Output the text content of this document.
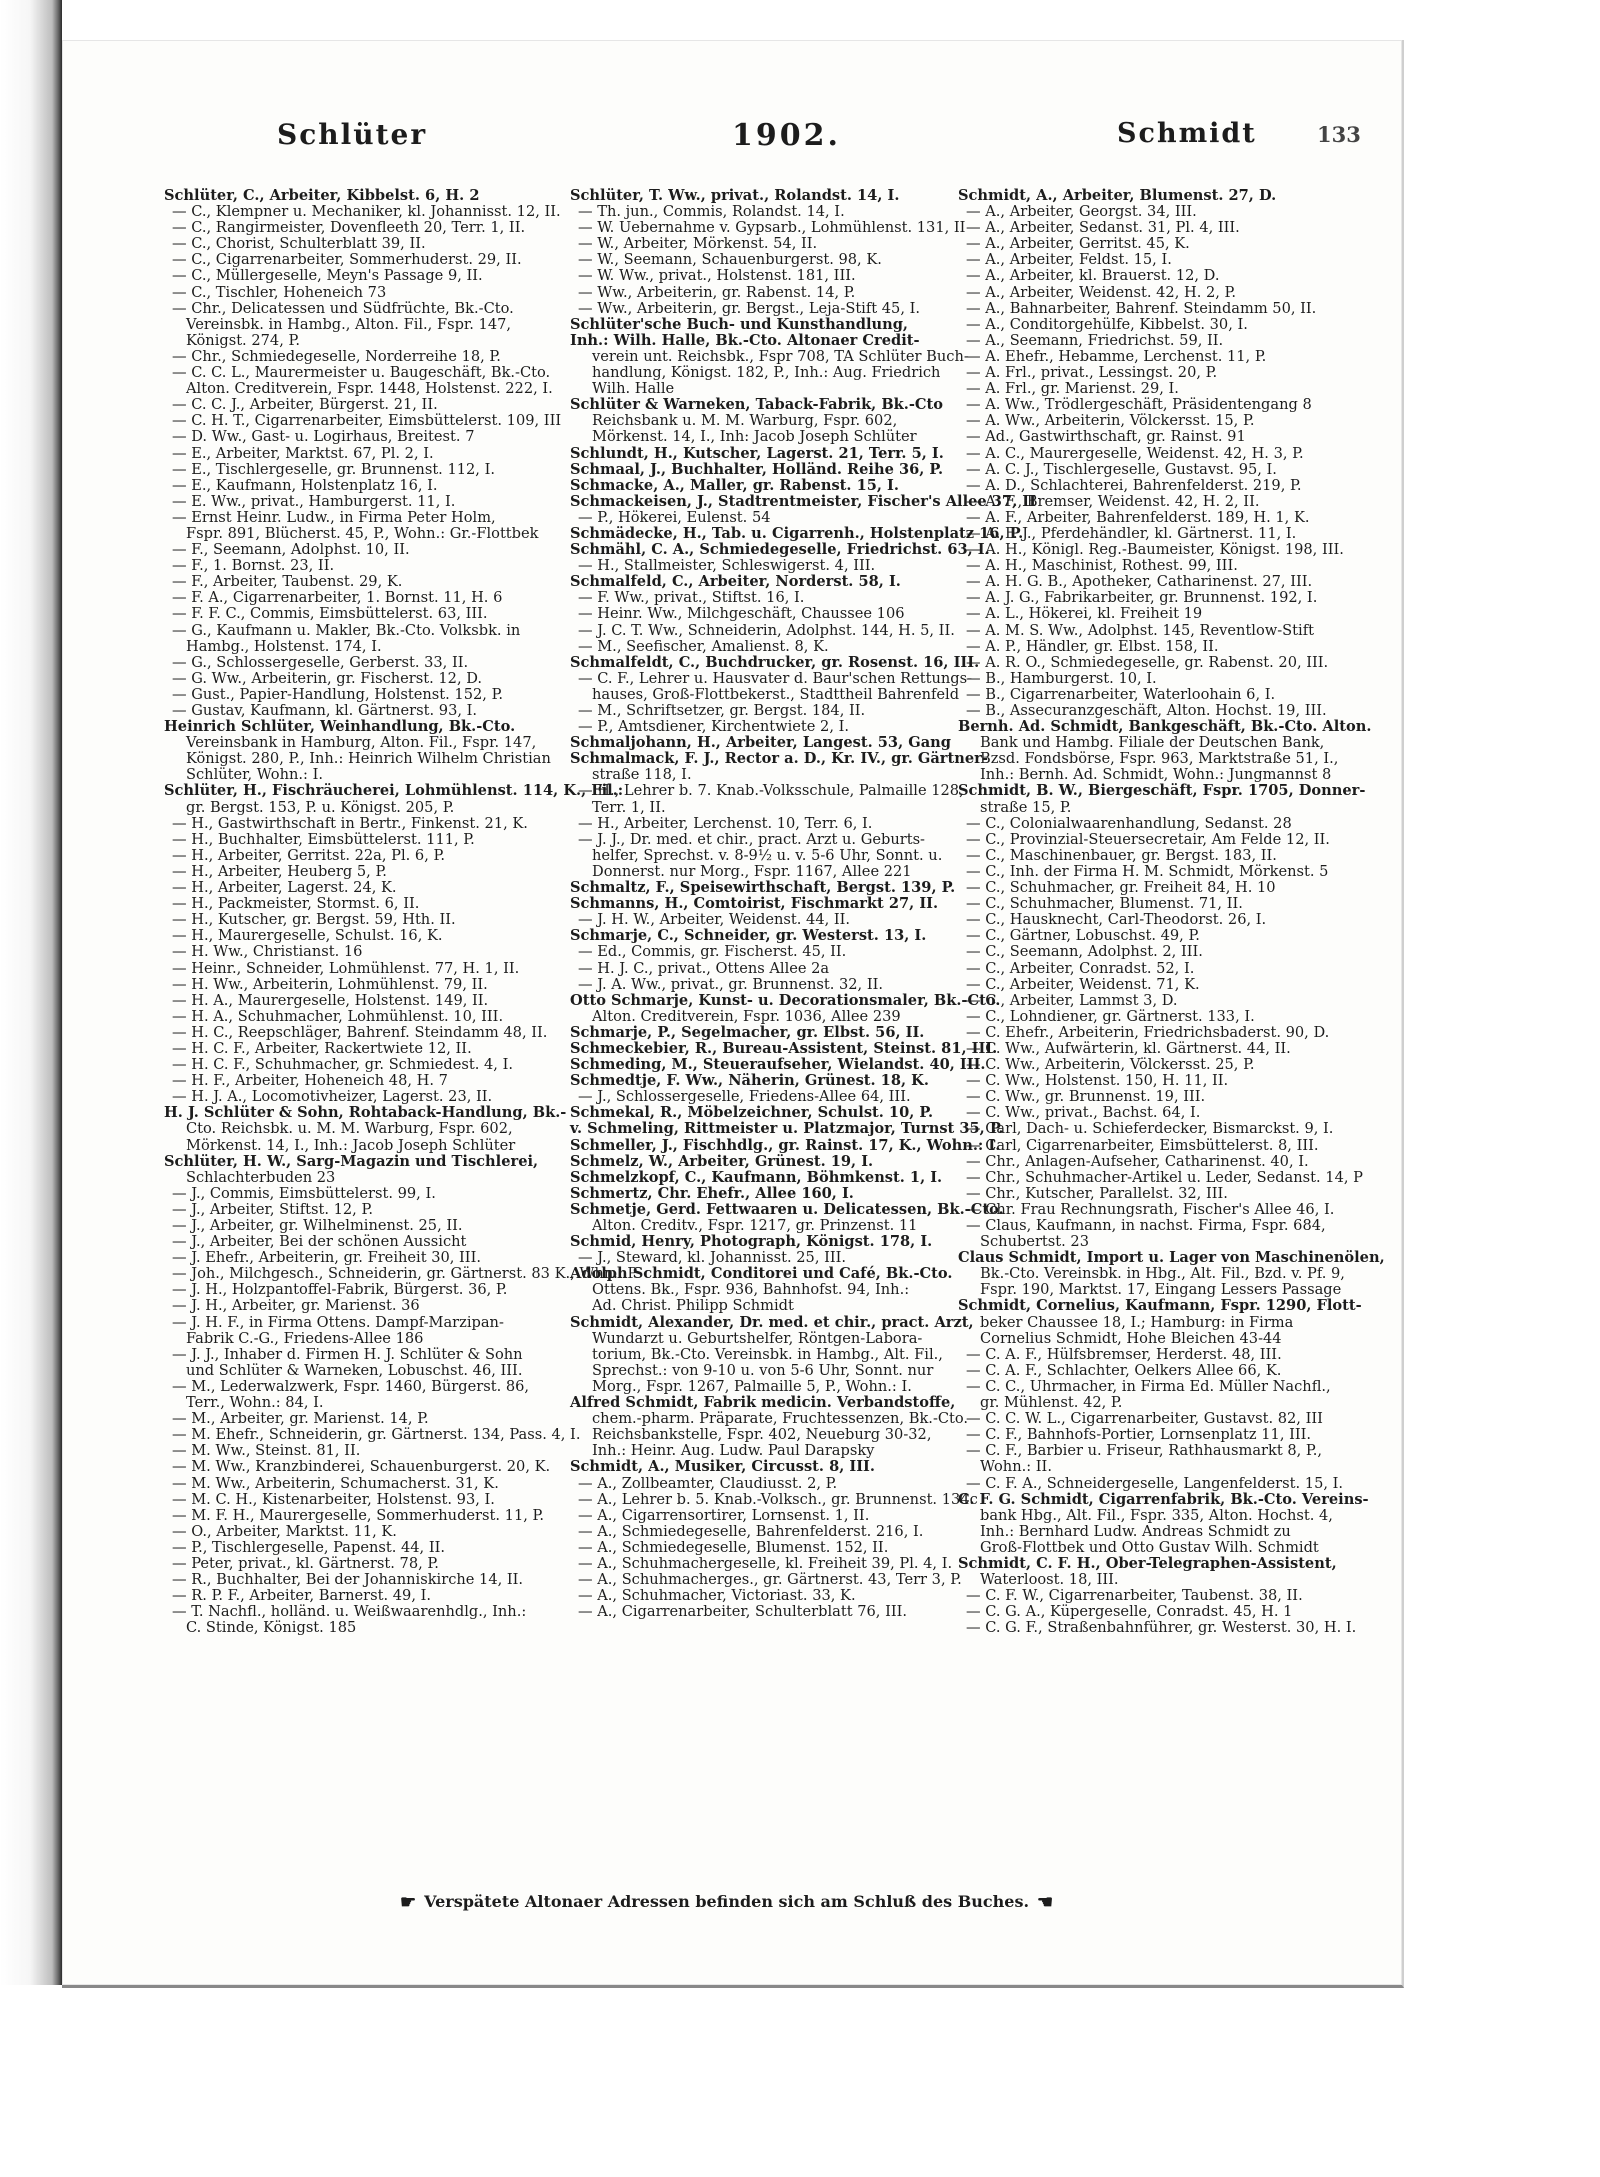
Schlüter	1902.	Schmidt	133
Schlüter, C., Arbeiter, Kibbelst. 6, H. 2
— C., Klempner u. Mechaniker, kl. Johannisst. 12, II.
— C., Rangirmeister, Dovenfleeth 20, Terr. 1, II.
— C., Chorist, Schulterblatt 39, II.
— C., Cigarrenarbeiter, Sommerhuderst. 29, II.
— C., Müllergeselle, Meyn's Passage 9, II.
— C., Tischler, Hoheneich 73
— Chr., Delicatessen und Südfrüchte, Bk.-Cto.
Vereinsbk. in Hambg., Alton. Fil., Fspr. 147,
Königst. 274, P.
— Chr., Schmiedegeselle, Norderreihe 18, P.
— C. C. L., Maurermeister u. Baugeschäft, Bk.-Cto.
Alton. Creditverein, Fspr. 1448, Holstenst. 222, I.
— C. C. J., Arbeiter, Bürgerst. 21, II.
— C. H. T., Cigarrenarbeiter, Eimsbüttelerst. 109, III
— D. Ww., Gast- u. Logirhaus, Breitest. 7
— E., Arbeiter, Marktst. 67, Pl. 2, I.
— E., Tischlergeselle, gr. Brunnenst. 112, I.
— E., Kaufmann, Holstenplatz 16, I.
— E. Ww., privat., Hamburgerst. 11, I.
— Ernst Heinr. Ludw., in Firma Peter Holm,
Fspr. 891, Blücherst. 45, P., Wohn.: Gr.-Flottbek
— F., Seemann, Adolphst. 10, II.
— F., 1. Bornst. 23, II.
— F., Arbeiter, Taubenst. 29, K.
— F. A., Cigarrenarbeiter, 1. Bornst. 11, H. 6
— F. F. C., Commis, Eimsbüttelerst. 63, III.
— G., Kaufmann u. Makler, Bk.-Cto. Volksbk. in
Hambg., Holstenst. 174, I.
— G., Schlossergeselle, Gerberst. 33, II.
— G. Ww., Arbeiterin, gr. Fischerst. 12, D.
— Gust., Papier-Handlung, Holstenst. 152, P.
— Gustav, Kaufmann, kl. Gärtnerst. 93, I.
Heinrich Schlüter, Weinhandlung, Bk.-Cto.
Vereinsbank in Hamburg, Alton. Fil., Fspr. 147,
Königst. 280, P., Inh.: Heinrich Wilhelm Christian
Schlüter, Wohn.: I.
Schlüter, H., Fischräucherei, Lohmühlenst. 114, K., Fil.:
gr. Bergst. 153, P. u. Königst. 205, P.
— H., Gastwirthschaft in Bertr., Finkenst. 21, K.
— H., Buchhalter, Eimsbüttelerst. 111, P.
— H., Arbeiter, Gerritst. 22a, Pl. 6, P.
— H., Arbeiter, Heuberg 5, P.
— H., Arbeiter, Lagerst. 24, K.
— H., Packmeister, Stormst. 6, II.
— H., Kutscher, gr. Bergst. 59, Hth. II.
— H., Maurergeselle, Schulst. 16, K.
— H. Ww., Christianst. 16
— Heinr., Schneider, Lohmühlenst. 77, H. 1, II.
— H. Ww., Arbeiterin, Lohmühlenst. 79, II.
— H. A., Maurergeselle, Holstenst. 149, II.
— H. A., Schuhmacher, Lohmühlenst. 10, III.
— H. C., Reepschläger, Bahrenf. Steindamm 48, II.
— H. C. F., Arbeiter, Rackertwiete 12, II.
— H. C. F., Schuhmacher, gr. Schmiedest. 4, I.
— H. F., Arbeiter, Hoheneich 48, H. 7
— H. J. A., Locomotivheizer, Lagerst. 23, II.
H. J. Schlüter & Sohn, Rohtaback-Handlung, Bk.-
Cto. Reichsbk. u. M. M. Warburg, Fspr. 602,
Mörkenst. 14, I., Inh.: Jacob Joseph Schlüter
Schlüter, H. W., Sarg-Magazin und Tischlerei,
Schlachterbuden 23
— J., Commis, Eimsbüttelerst. 99, I.
— J., Arbeiter, Stiftst. 12, P.
— J., Arbeiter, gr. Wilhelminenst. 25, II.
— J., Arbeiter, Bei der schönen Aussicht
— J. Ehefr., Arbeiterin, gr. Freiheit 30, III.
— Joh., Milchgesch., Schneiderin, gr. Gärtnerst. 83 K., Whn.: P
— J. H., Holzpantoffel-Fabrik, Bürgerst. 36, P.
— J. H., Arbeiter, gr. Marienst. 36
— J. H. F., in Firma Ottens. Dampf-Marzipan-
Fabrik C.-G., Friedens-Allee 186
— J. J., Inhaber d. Firmen H. J. Schlüter & Sohn
und Schlüter & Warneken, Lobuschst. 46, III.
— M., Lederwalzwerk, Fspr. 1460, Bürgerst. 86,
Terr., Wohn.: 84, I.
— M., Arbeiter, gr. Marienst. 14, P.
— M. Ehefr., Schneiderin, gr. Gärtnerst. 134, Pass. 4, I.
— M. Ww., Steinst. 81, II.
— M. Ww., Kranzbinderei, Schauenburgerst. 20, K.
— M. Ww., Arbeiterin, Schumacherst. 31, K.
— M. C. H., Kistenarbeiter, Holstenst. 93, I.
— M. F. H., Maurergeselle, Sommerhuderst. 11, P.
— O., Arbeiter, Marktst. 11, K.
— P., Tischlergeselle, Papenst. 44, II.
— Peter, privat., kl. Gärtnerst. 78, P.
— R., Buchhalter, Bei der Johanniskirche 14, II.
— R. P. F., Arbeiter, Barnerst. 49, I.
— T. Nachfl., holländ. u. Weißwaarenhdlg., Inh.:
C. Stinde, Königst. 185
Schlüter, T. Ww., privat., Rolandst. 14, I.
— Th. jun., Commis, Rolandst. 14, I.
— W. Uebernahme v. Gypsarb., Lohmühlenst. 131, II
— W., Arbeiter, Mörkenst. 54, II.
— W., Seemann, Schauenburgerst. 98, K.
— W. Ww., privat., Holstenst. 181, III.
— Ww., Arbeiterin, gr. Rabenst. 14, P.
— Ww., Arbeiterin, gr. Bergst., Leja-Stift 45, I.
Schlüter'sche Buch- und Kunsthandlung,
Inh.: Wilh. Halle, Bk.-Cto. Altonaer Credit-
verein unt. Reichsbk., Fspr 708, TA Schlüter Buch-
handlung, Königst. 182, P., Inh.: Aug. Friedrich
Wilh. Halle
Schlüter & Warneken, Taback-Fabrik, Bk.-Cto
Reichsbank u. M. M. Warburg, Fspr. 602,
Mörkenst. 14, I., Inh: Jacob Joseph Schlüter
Schlundt, H., Kutscher, Lagerst. 21, Terr. 5, I.
Schmaal, J., Buchhalter, Holländ. Reihe 36, P.
Schmacke, A., Maller, gr. Rabenst. 15, I.
Schmackeisen, J., Stadtrentmeister, Fischer's Allee 37, II
— P., Hökerei, Eulenst. 54
Schmädecke, H., Tab. u. Cigarrenh., Holstenplatz 16, P.
Schmähl, C. A., Schmiedegeselle, Friedrichst. 63, I.
— H., Stallmeister, Schleswigerst. 4, III.
Schmalfeld, C., Arbeiter, Norderst. 58, I.
— F. Ww., privat., Stiftst. 16, I.
— Heinr. Ww., Milchgeschäft, Chaussee 106
— J. C. T. Ww., Schneiderin, Adolphst. 144, H. 5, II.
— M., Seefischer, Amalienst. 8, K.
Schmalfeldt, C., Buchdrucker, gr. Rosenst. 16, III.
— C. F., Lehrer u. Hausvater d. Baur'schen Rettungs-
hauses, Groß-Flottbekerst., Stadttheil Bahrenfeld
— M., Schriftsetzer, gr. Bergst. 184, II.
— P., Amtsdiener, Kirchentwiete 2, I.
Schmaljohann, H., Arbeiter, Langest. 53, Gang
Schmalmack, F. J., Rector a. D., Kr. IV., gr. Gärtner-
straße 118, I.
— H., Lehrer b. 7. Knab.-Volksschule, Palmaille 128,
Terr. 1, II.
— H., Arbeiter, Lerchenst. 10, Terr. 6, I.
— J. J., Dr. med. et chir., pract. Arzt u. Geburts-
helfer, Sprechst. v. 8-9½ u. v. 5-6 Uhr, Sonnt. u.
Donnerst. nur Morg., Fspr. 1167, Allee 221
Schmaltz, F., Speisewirthschaft, Bergst. 139, P.
Schmanns, H., Comtoirist, Fischmarkt 27, II.
— J. H. W., Arbeiter, Weidenst. 44, II.
Schmarje, C., Schneider, gr. Westerst. 13, I.
— Ed., Commis, gr. Fischerst. 45, II.
— H. J. C., privat., Ottens Allee 2a
— J. A. Ww., privat., gr. Brunnenst. 32, II.
Otto Schmarje, Kunst- u. Decorationsmaler, Bk.-Cto.
Alton. Creditverein, Fspr. 1036, Allee 239
Schmarje, P., Segelmacher, gr. Elbst. 56, II.
Schmeckebier, R., Bureau-Assistent, Steinst. 81, III.
Schmeding, M., Steueraufseher, Wielandst. 40, III.
Schmedtje, F. Ww., Näherin, Grünest. 18, K.
— J., Schlossergeselle, Friedens-Allee 64, III.
Schmekal, R., Möbelzeichner, Schulst. 10, P.
v. Schmeling, Rittmeister u. Platzmajor, Turnst 35, P.
Schmeller, J., Fischhdlg., gr. Rainst. 17, K., Wohn.: I.
Schmelz, W., Arbeiter, Grünest. 19, I.
Schmelzkopf, C., Kaufmann, Böhmkenst. 1, I.
Schmertz, Chr. Ehefr., Allee 160, I.
Schmetje, Gerd. Fettwaaren u. Delicatessen, Bk.-Cto.
Alton. Creditv., Fspr. 1217, gr. Prinzenst. 11
Schmid, Henry, Photograph, Königst. 178, I.
— J., Steward, kl. Johannisst. 25, III.
Adolph Schmidt, Conditorei und Café, Bk.-Cto.
Ottens. Bk., Fspr. 936, Bahnhofst. 94, Inh.:
Ad. Christ. Philipp Schmidt
Schmidt, Alexander, Dr. med. et chir., pract. Arzt,
Wundarzt u. Geburtshelfer, Röntgen-Labora-
torium, Bk.-Cto. Vereinsbk. in Hambg., Alt. Fil.,
Sprechst.: von 9-10 u. von 5-6 Uhr, Sonnt. nur
Morg., Fspr. 1267, Palmaille 5, P., Wohn.: I.
Alfred Schmidt, Fabrik medicin. Verbandstoffe,
chem.-pharm. Präparate, Fruchtessenzen, Bk.-Cto.
Reichsbankstelle, Fspr. 402, Neueburg 30-32,
Inh.: Heinr. Aug. Ludw. Paul Darapsky
Schmidt, A., Musiker, Circusst. 8, III.
— A., Zollbeamter, Claudiusst. 2, P.
— A., Lehrer b. 5. Knab.-Volksch., gr. Brunnenst. 134c
— A., Cigarrensortirer, Lornsenst. 1, II.
— A., Schmiedegeselle, Bahrenfelderst. 216, I.
— A., Schmiedegeselle, Blumenst. 152, II.
— A., Schuhmachergeselle, kl. Freiheit 39, Pl. 4, I.
— A., Schuhmacherges., gr. Gärtnerst. 43, Terr 3, P.
— A., Schuhmacher, Victoriast. 33, K.
— A., Cigarrenarbeiter, Schulterblatt 76, III.
Schmidt, A., Arbeiter, Blumenst. 27, D.
— A., Arbeiter, Georgst. 34, III.
— A., Arbeiter, Sedanst. 31, Pl. 4, III.
— A., Arbeiter, Gerritst. 45, K.
— A., Arbeiter, Feldst. 15, I.
— A., Arbeiter, kl. Brauerst. 12, D.
— A., Arbeiter, Weidenst. 42, H. 2, P.
— A., Bahnarbeiter, Bahrenf. Steindamm 50, II.
— A., Conditorgehülfe, Kibbelst. 30, I.
— A., Seemann, Friedrichst. 59, II.
— A. Ehefr., Hebamme, Lerchenst. 11, P.
— A. Frl., privat., Lessingst. 20, P.
— A. Frl., gr. Marienst. 29, I.
— A. Ww., Trödlergeschäft, Präsidentengang 8
— A. Ww., Arbeiterin, Völckersst. 15, P.
— Ad., Gastwirthschaft, gr. Rainst. 91
— A. C., Maurergeselle, Weidenst. 42, H. 3, P.
— A. C. J., Tischlergeselle, Gustavst. 95, I.
— A. D., Schlachterei, Bahrenfelderst. 219, P.
— A. F., Bremser, Weidenst. 42, H. 2, II.
— A. F., Arbeiter, Bahrenfelderst. 189, H. 1, K.
— A. F. J., Pferdehändler, kl. Gärtnerst. 11, I.
— A. H., Königl. Reg.-Baumeister, Königst. 198, III.
— A. H., Maschinist, Rothest. 99, III.
— A. H. G. B., Apotheker, Catharinenst. 27, III.
— A. J. G., Fabrikarbeiter, gr. Brunnenst. 192, I.
— A. L., Hökerei, kl. Freiheit 19
— A. M. S. Ww., Adolphst. 145, Reventlow-Stift
— A. P., Händler, gr. Elbst. 158, II.
— A. R. O., Schmiedegeselle, gr. Rabenst. 20, III.
— B., Hamburgerst. 10, I.
— B., Cigarrenarbeiter, Waterloohain 6, I.
— B., Assecuranzgeschäft, Alton. Hochst. 19, III.
Bernh. Ad. Schmidt, Bankgeschäft, Bk.-Cto. Alton.
Bank und Hambg. Filiale der Deutschen Bank,
Bzsd. Fondsbörse, Fspr. 963, Marktstraße 51, I.,
Inh.: Bernh. Ad. Schmidt, Wohn.: Jungmannst 8
Schmidt, B. W., Biergeschäft, Fspr. 1705, Donner-
straße 15, P.
— C., Colonialwaarenhandlung, Sedanst. 28
— C., Provinzial-Steuersecretair, Am Felde 12, II.
— C., Maschinenbauer, gr. Bergst. 183, II.
— C., Inh. der Firma H. M. Schmidt, Mörkenst. 5
— C., Schuhmacher, gr. Freiheit 84, H. 10
— C., Schuhmacher, Blumenst. 71, II.
— C., Hausknecht, Carl-Theodorst. 26, I.
— C., Gärtner, Lobuschst. 49, P.
— C., Seemann, Adolphst. 2, III.
— C., Arbeiter, Conradst. 52, I.
— C., Arbeiter, Weidenst. 71, K.
— C., Arbeiter, Lammst 3, D.
— C., Lohndiener, gr. Gärtnerst. 133, I.
— C. Ehefr., Arbeiterin, Friedrichsbaderst. 90, D.
— C. Ww., Aufwärterin, kl. Gärtnerst. 44, II.
— C. Ww., Arbeiterin, Völckersst. 25, P.
— C. Ww., Holstenst. 150, H. 11, II.
— C. Ww., gr. Brunnenst. 19, III.
— C. Ww., privat., Bachst. 64, I.
— Carl, Dach- u. Schieferdecker, Bismarckst. 9, I.
— Carl, Cigarrenarbeiter, Eimsbüttelerst. 8, III.
— Chr., Anlagen-Aufseher, Catharinenst. 40, I.
— Chr., Schuhmacher-Artikel u. Leder, Sedanst. 14, P
— Chr., Kutscher, Parallelst. 32, III.
— Chr. Frau Rechnungsrath, Fischer's Allee 46, I.
— Claus, Kaufmann, in nachst. Firma, Fspr. 684,
Schubertst. 23
Claus Schmidt, Import u. Lager von Maschinenölen,
Bk.-Cto. Vereinsbk. in Hbg., Alt. Fil., Bzd. v. Pf. 9,
Fspr. 190, Marktst. 17, Eingang Lessers Passage
Schmidt, Cornelius, Kaufmann, Fspr. 1290, Flott-
beker Chaussee 18, I.; Hamburg: in Firma
Cornelius Schmidt, Hohe Bleichen 43-44
— C. A. F., Hülfsbremser, Herderst. 48, III.
— C. A. F., Schlachter, Oelkers Allee 66, K.
— C. C., Uhrmacher, in Firma Ed. Müller Nachfl.,
gr. Mühlenst. 42, P.
— C. C. W. L., Cigarrenarbeiter, Gustavst. 82, III
— C. F., Bahnhofs-Portier, Lornsenplatz 11, III.
— C. F., Barbier u. Friseur, Rathhausmarkt 8, P.,
Wohn.: II.
— C. F. A., Schneidergeselle, Langenfelderst. 15, I.
C. F. G. Schmidt, Cigarrenfabrik, Bk.-Cto. Vereins-
bank Hbg., Alt. Fil., Fspr. 335, Alton. Hochst. 4,
Inh.: Bernhard Ludw. Andreas Schmidt zu
Groß-Flottbek und Otto Gustav Wilh. Schmidt
Schmidt, C. F. H., Ober-Telegraphen-Assistent,
Waterloost. 18, III.
— C. F. W., Cigarrenarbeiter, Taubenst. 38, II.
— C. G. A., Küpergeselle, Conradst. 45, H. 1
— C. G. F., Straßenbahnführer, gr. Westerst. 30, H. I.
☛ Verspätete Altonaer Adressen befinden sich am Schluß des Buches. ☛
